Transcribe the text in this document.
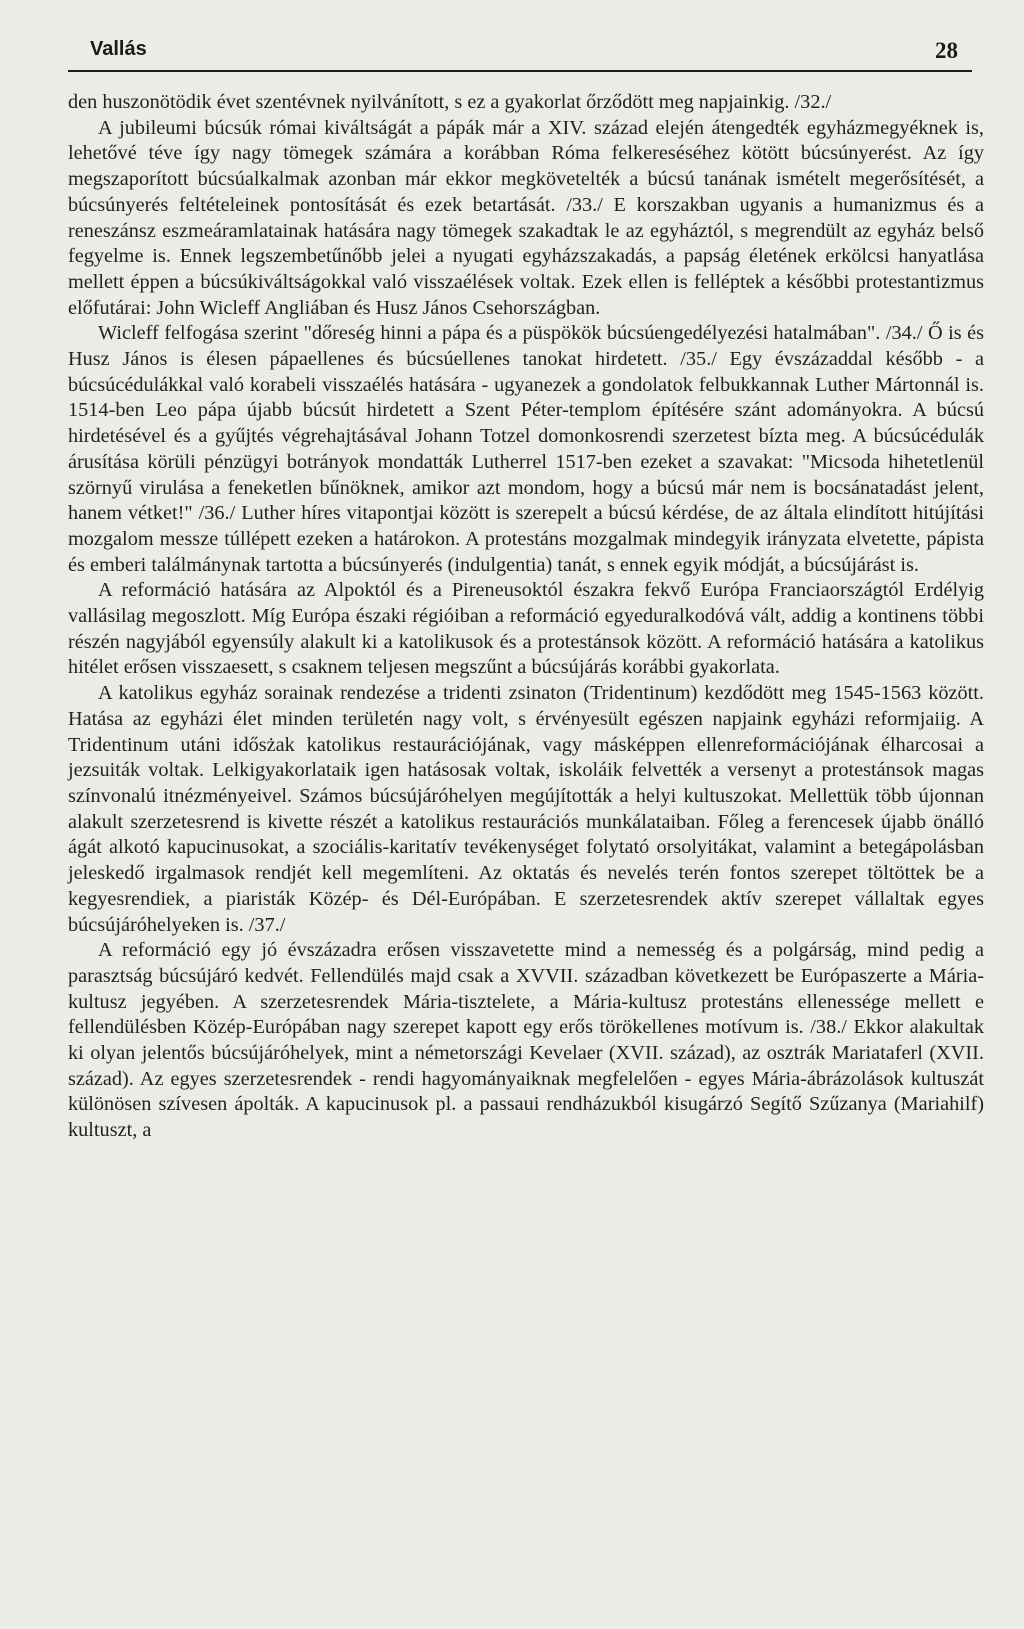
Vallás	28

den huszonötödik évet szentévnek nyilvánított, s ez a gyakorlat őrződött meg napjainkig. /32./

A jubileumi búcsúk római kiváltságát a pápák már a XIV. század elején átengedték egyházmegyéknek is, lehetővé téve így nagy tömegek számára a korábban Róma felkereséséhez kötött búcsúnyerést. Az így megszaporított búcsúalkalmak azonban már ekkor megkövetelték a búcsú tanának ismételt megerősítését, a búcsúnyerés feltételeinek pontosítását és ezek betartását. /33./ E korszakban ugyanis a humanizmus és a reneszánsz eszmeáramlatainak hatására nagy tömegek szakadtak le az egyháztól, s megrendült az egyház belső fegyelme is. Ennek legszembetűnőbb jelei a nyugati egyházszakadás, a papság életének erkölcsi hanyatlása mellett éppen a búcsúkiváltságokkal való visszaélések voltak. Ezek ellen is felléptek a későbbi protestantizmus előfutárai: John Wicleff Angliában és Husz János Csehországban.

Wicleff felfogása szerint "dőreség hinni a pápa és a püspökök búcsúengedélyezési hatalmában". /34./ Ő is és Husz János is élesen pápaellenes és búcsúellenes tanokat hirdetett. /35./ Egy évszázaddal később - a búcsúcédulákkal való korabeli visszaélés hatására - ugyanezek a gondolatok felbukkannak Luther Mártonnál is. 1514-ben Leo pápa újabb búcsút hirdetett a Szent Péter-templom építésére szánt adományokra. A búcsú hirdetésével és a gyűjtés végrehajtásával Johann Totzel domonkosrendi szerzetest bízta meg. A búcsúcédulák árusítása körüli pénzügyi botrányok mondatták Lutherrel 1517-ben ezeket a szavakat: "Micsoda hihetetlenül szörnyű virulása a feneketlen bűnöknek, amikor azt mondom, hogy a búcsú már nem is bocsánatadást jelent, hanem vétket!" /36./ Luther híres vitapontjai között is szerepelt a búcsú kérdése, de az általa elindított hitújítási mozgalom messze túllépett ezeken a határokon. A protestáns mozgalmak mindegyik irányzata elvetette, pápista és emberi találmánynak tartotta a búcsúnyerés (indulgentia) tanát, s ennek egyik módját, a búcsújárást is.

A reformáció hatására az Alpoktól és a Pireneusoktól északra fekvő Európa Franciaországtól Erdélyig vallásilag megoszlott. Míg Európa északi régióiban a reformáció egyeduralkodóvá vált, addig a kontinens többi részén nagyjából egyensúly alakult ki a katolikusok és a protestánsok között. A reformáció hatására a katolikus hitélet erősen visszaesett, s csaknem teljesen megszűnt a búcsújárás korábbi gyakorlata.

A katolikus egyház sorainak rendezése a tridenti zsinaton (Tridentinum) kezdődött meg 1545-1563 között. Hatása az egyházi élet minden területén nagy volt, s érvényesült egészen napjaink egyházi reformjaiig. A Tridentinum utáni idősżak katolikus restaurációjának, vagy másképpen ellenreformációjának élharcosai a jezsuiták voltak. Lelkigyakorlataik igen hatásosak voltak, iskoláik felvették a versenyt a protestánsok magas színvonalú itnézményeivel. Számos búcsújáróhelyen megújították a helyi kultuszokat. Mellettük több újonnan alakult szerzetesrend is kivette részét a katolikus restaurációs munkálataiban. Főleg a ferencesek újabb önálló ágát alkotó kapucinusokat, a szociális-karitatív tevékenységet folytató orsolyitákat, valamint a betegápolásban jeleskedő irgalmasok rendjét kell megemlíteni. Az oktatás és nevelés terén fontos szerepet töltöttek be a kegyesrendiek, a piaristák Közép- és Dél-Európában. E szerzetesrendek aktív szerepet vállaltak egyes búcsújáróhelyeken is. /37./

A reformáció egy jó évszázadra erősen visszavetette mind a nemesség és a polgárság, mind pedig a parasztság búcsújáró kedvét. Fellendülés majd csak a XVVII. században következett be Európaszerte a Mária-kultusz jegyében. A szerzetesrendek Mária-tisztelete, a Mária-kultusz protestáns ellenessége mellett e fellendülésben Közép-Európában nagy szerepet kapott egy erős törökellenes motívum is. /38./ Ekkor alakultak ki olyan jelentős búcsújáróhelyek, mint a németországi Kevelaer (XVII. század), az osztrák Mariataferl (XVII. század). Az egyes szerzetesrendek - rendi hagyományaiknak megfelelően - egyes Mária-ábrázolások kultuszát különösen szívesen ápolták. A kapucinusok pl. a passaui rendházukból kisugárzó Segítő Szűzanya (Mariahilf) kultuszt, a
